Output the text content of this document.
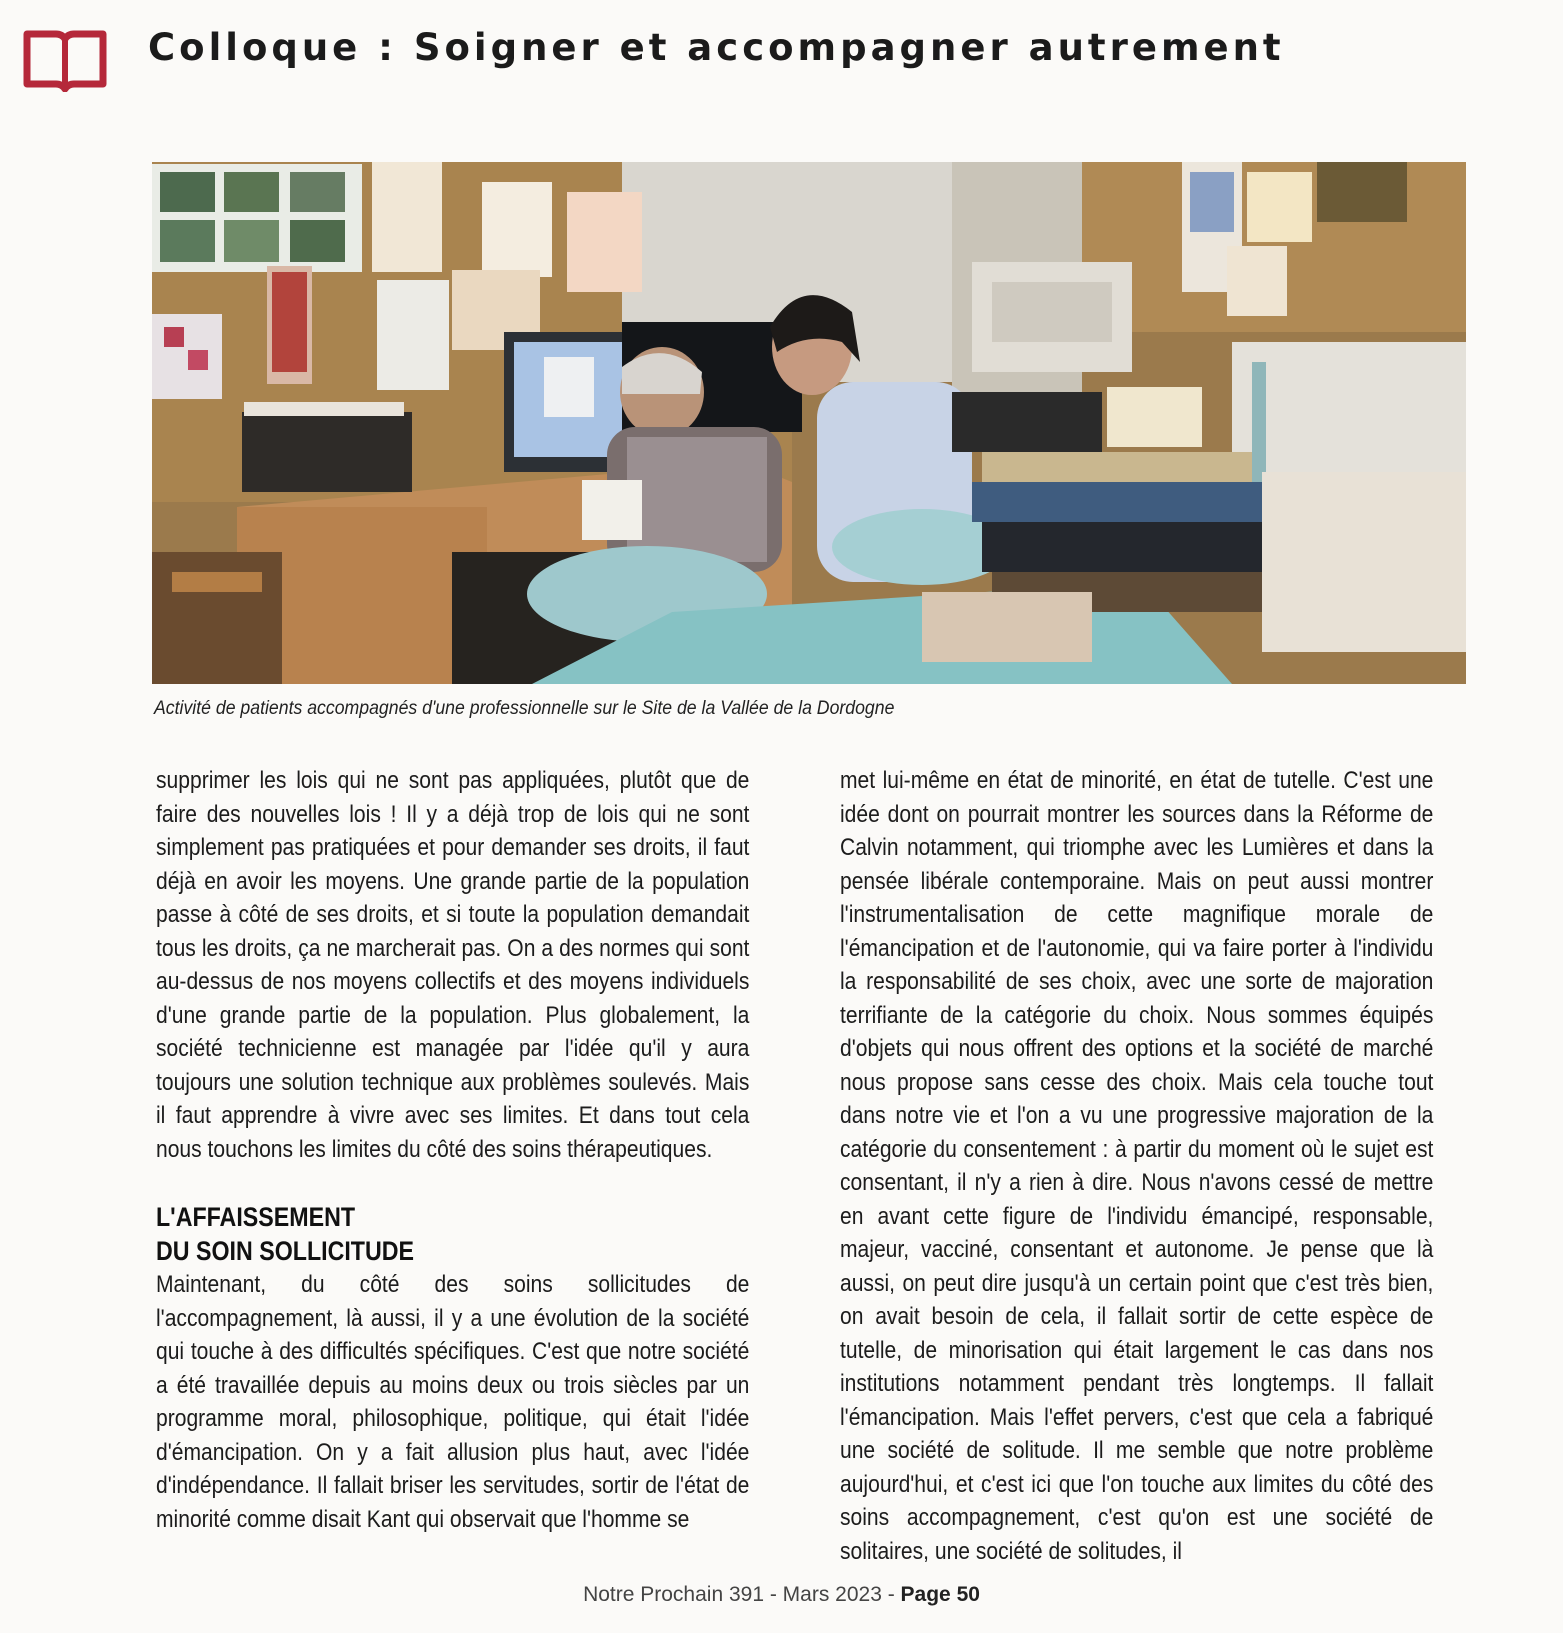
Colloque : Soigner et accompagner autrement

Activité de patients accompagnés d'une professionnelle sur le Site de la Vallée de la Dordogne

supprimer les lois qui ne sont pas appliquées, plutôt que de faire des nouvelles lois ! Il y a déjà trop de lois qui ne sont simplement pas pratiquées et pour demander ses droits, il faut déjà en avoir les moyens. Une grande partie de la population passe à côté de ses droits, et si toute la population demandait tous les droits, ça ne marcherait pas. On a des normes qui sont au-dessus de nos moyens collectifs et des moyens individuels d'une grande partie de la population. Plus globalement, la société technicienne est managée par l'idée qu'il y aura toujours une solution technique aux problèmes soulevés. Mais il faut apprendre à vivre avec ses limites. Et dans tout cela nous touchons les limites du côté des soins thérapeutiques.

L'AFFAISSEMENT
DU SOIN SOLLICITUDE

Maintenant, du côté des soins sollicitudes de l'accompagnement, là aussi, il y a une évolution de la société qui touche à des difficultés spécifiques. C'est que notre société a été travaillée depuis au moins deux ou trois siècles par un programme moral, philosophique, politique, qui était l'idée d'émancipation. On y a fait allusion plus haut, avec l'idée d'indépendance. Il fallait briser les servitudes, sortir de l'état de minorité comme disait Kant qui observait que l'homme se

met lui-même en état de minorité, en état de tutelle. C'est une idée dont on pourrait montrer les sources dans la Réforme de Calvin notamment, qui triomphe avec les Lumières et dans la pensée libérale contemporaine. Mais on peut aussi montrer l'instrumentalisation de cette magnifique morale de l'émancipation et de l'autonomie, qui va faire porter à l'individu la responsabilité de ses choix, avec une sorte de majoration terrifiante de la catégorie du choix. Nous sommes équipés d'objets qui nous offrent des options et la société de marché nous propose sans cesse des choix. Mais cela touche tout dans notre vie et l'on a vu une progressive majoration de la catégorie du consentement : à partir du moment où le sujet est consentant, il n'y a rien à dire. Nous n'avons cessé de mettre en avant cette figure de l'individu émancipé, responsable, majeur, vacciné, consentant et autonome. Je pense que là aussi, on peut dire jusqu'à un certain point que c'est très bien, on avait besoin de cela, il fallait sortir de cette espèce de tutelle, de minorisation qui était largement le cas dans nos institutions notamment pendant très longtemps. Il fallait l'émancipation. Mais l'effet pervers, c'est que cela a fabriqué une société de solitude. Il me semble que notre problème aujourd'hui, et c'est ici que l'on touche aux limites du côté des soins accompagnement, c'est qu'on est une société de solitaires, une société de solitudes, il

Notre Prochain 391 - Mars 2023 - Page 50
